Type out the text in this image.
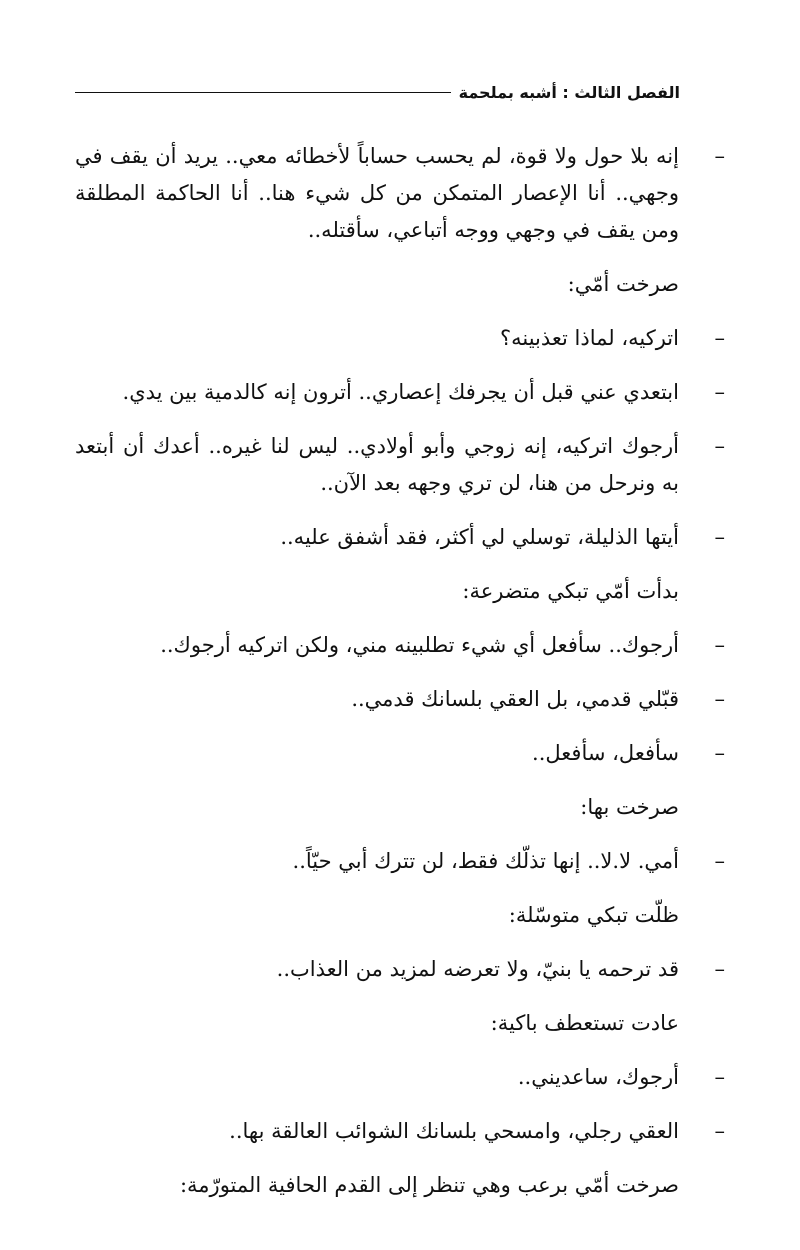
الفصل الثالث : أشبه بملحمة

–
إنه بلا حول ولا قوة، لم يحسب حساباً لأخطائه معي.. يريد أن يقف في وجهي.. أنا الإعصار المتمكن من كل شيء هنا.. أنا الحاكمة المطلقة ومن يقف في وجهي ووجه أتباعي، سأقتله..

صرخت أمّي:

–
اتركيه، لماذا تعذبينه؟

–
ابتعدي عني قبل أن يجرفك إعصاري.. أترون إنه كالدمية بين يدي.

–
أرجوك اتركيه، إنه زوجي وأبو أولادي.. ليس لنا غيره.. أعدك أن أبتعد به ونرحل من هنا، لن تري وجهه بعد الآن..

–
أيتها الذليلة، توسلي لي أكثر، فقد أشفق عليه..

بدأت أمّي تبكي متضرعة:

–
أرجوك.. سأفعل أي شيء تطلبينه مني، ولكن اتركيه أرجوك..

–
قبّلي قدمي، بل العقي بلسانك قدمي..

–
سأفعل، سأفعل..

صرخت بها:

–
أمي. لا.لا.. إنها تذلّك فقط، لن تترك أبي حيّاً..

ظلّت تبكي متوسّلة:

–
قد ترحمه يا بنيّ، ولا تعرضه لمزيد من العذاب..

عادت تستعطف باكية:

–
أرجوك، ساعديني..

–
العقي رجلي، وامسحي بلسانك الشوائب العالقة بها..

صرخت أمّي برعب وهي تنظر إلى القدم الحافية المتورّمة:
